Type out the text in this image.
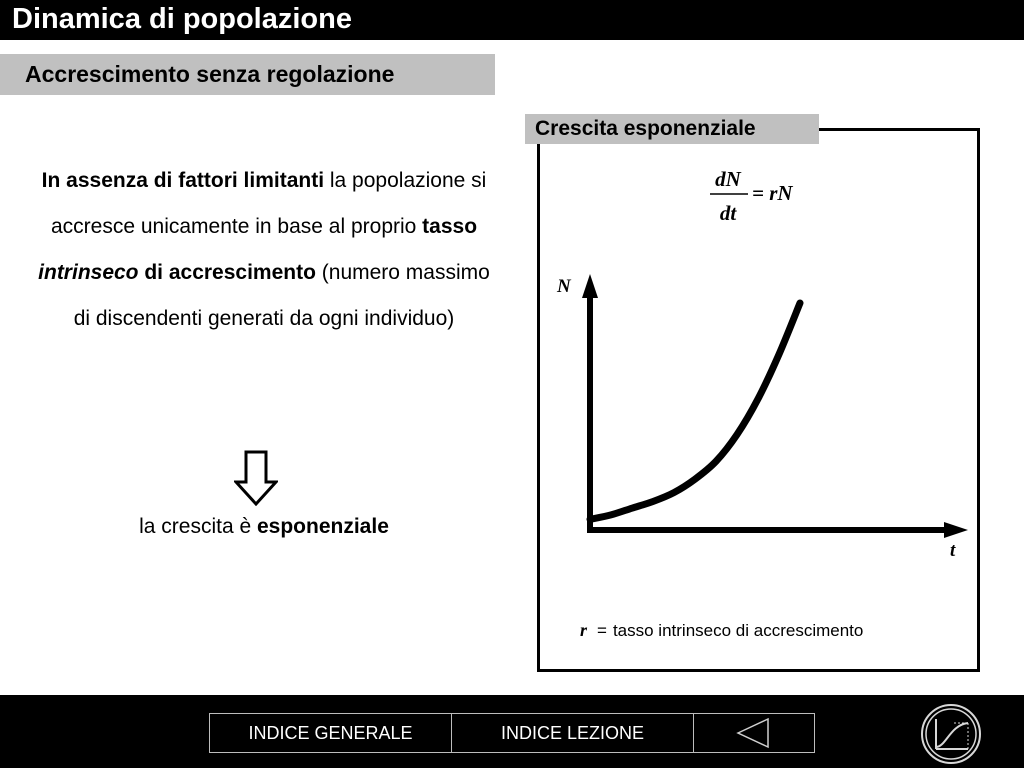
Dinamica di popolazione
Accrescimento senza regolazione
In assenza di fattori limitanti la popolazione si accresce unicamente in base al proprio tasso intrinseco di accrescimento (numero massimo di discendenti generati da ogni individuo)
la crescita è esponenziale
Crescita esponenziale
dN
dt
= rN
N
t
r = tasso intrinseco di accrescimento
INDICE GENERALE	INDICE LEZIONE
